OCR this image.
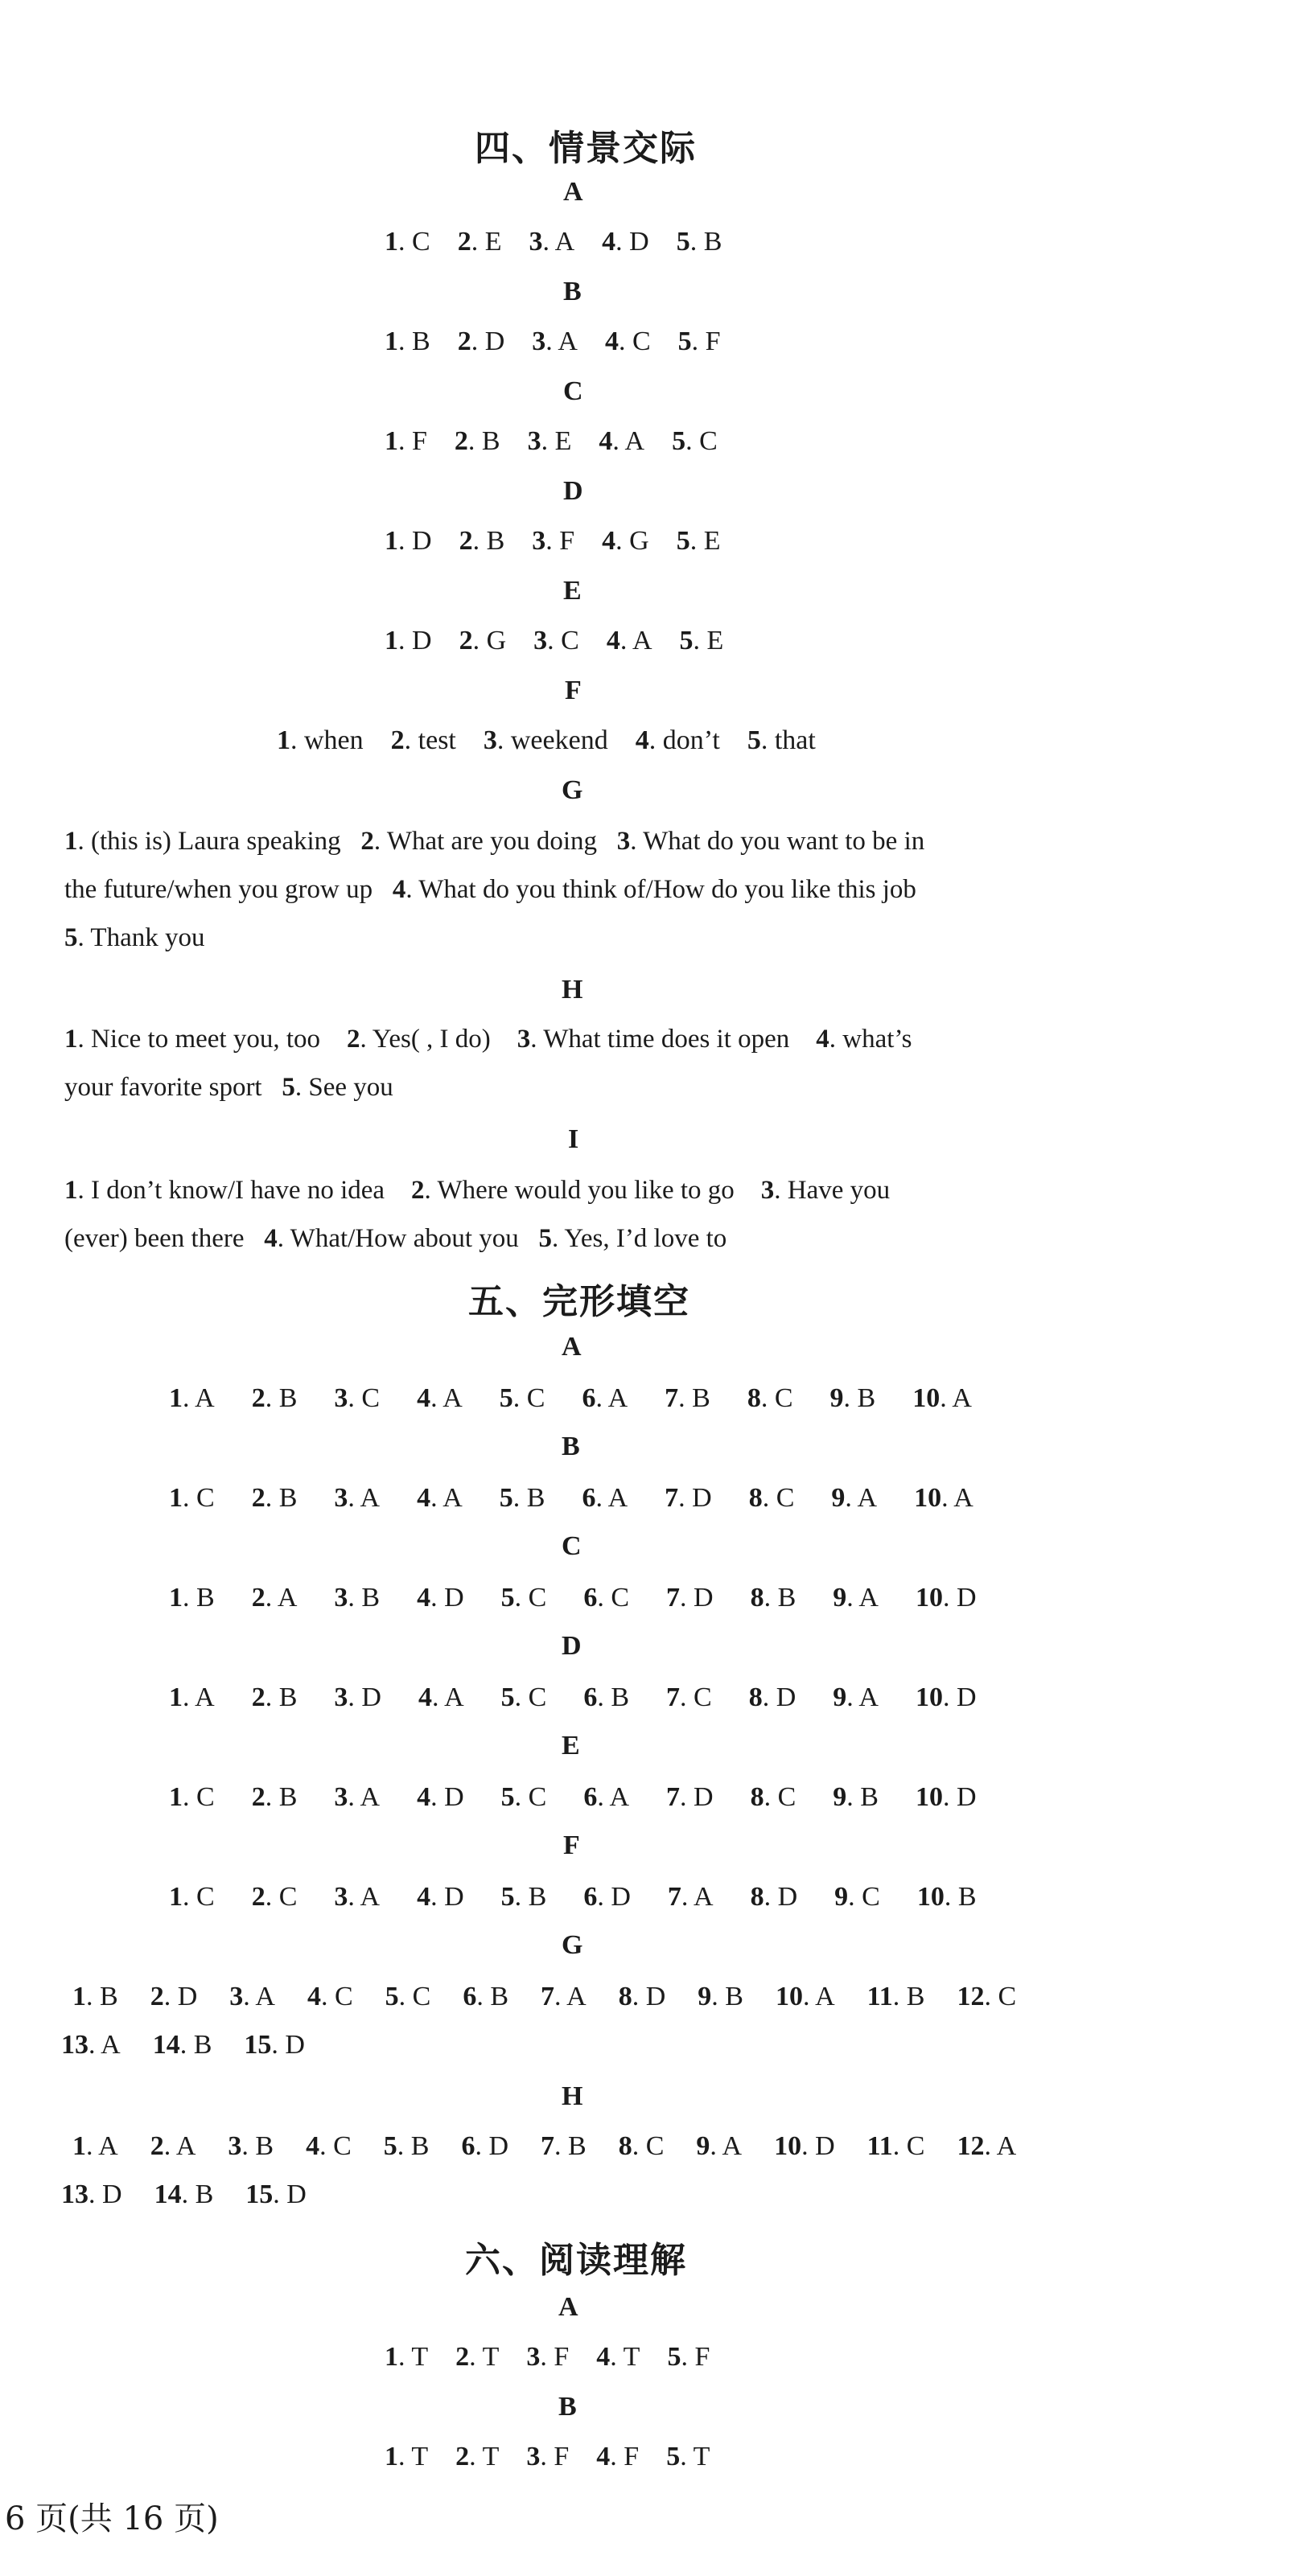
四、情景交际
A
1. C 2. E 3. A 4. D 5. B
B
1. B 2. D 3. A 4. C 5. F
C
1. F 2. B 3. E 4. A 5. C
D
1. D 2. B 3. F 4. G 5. E
E
1. D 2. G 3. C 4. A 5. E
F
1. when 2. test 3. weekend 4. don’t 5. that
G
1. (this is) Laura speaking 2. What are you doing 3. What do you want to be in
the future/when you grow up 4. What do you think of/How do you like this job
5. Thank you
H
1. Nice to meet you, too 2. Yes( , I do) 3. What time does it open 4. what’s
your favorite sport 5. See you
I
1. I don’t know/I have no idea 2. Where would you like to go 3. Have you
(ever) been there 4. What/How about you 5. Yes, I’d love to
五、完形填空
A
1. A 2. B 3. C 4. A 5. C 6. A 7. B 8. C 9. B 10. A
B
1. C 2. B 3. A 4. A 5. B 6. A 7. D 8. C 9. A 10. A
C
1. B 2. A 3. B 4. D 5. C 6. C 7. D 8. B 9. A 10. D
D
1. A 2. B 3. D 4. A 5. C 6. B 7. C 8. D 9. A 10. D
E
1. C 2. B 3. A 4. D 5. C 6. A 7. D 8. C 9. B 10. D
F
1. C 2. C 3. A 4. D 5. B 6. D 7. A 8. D 9. C 10. B
G
1. B 2. D 3. A 4. C 5. C 6. B 7. A 8. D 9. B 10. A 11. B 12. C
13. A 14. B 15. D
H
1. A 2. A 3. B 4. C 5. B 6. D 7. B 8. C 9. A 10. D 11. C 12. A
13. D 14. B 15. D
六、阅读理解
A
1. T 2. T 3. F 4. T 5. F
B
1. T 2. T 3. F 4. F 5. T
6 页(共 16 页)
